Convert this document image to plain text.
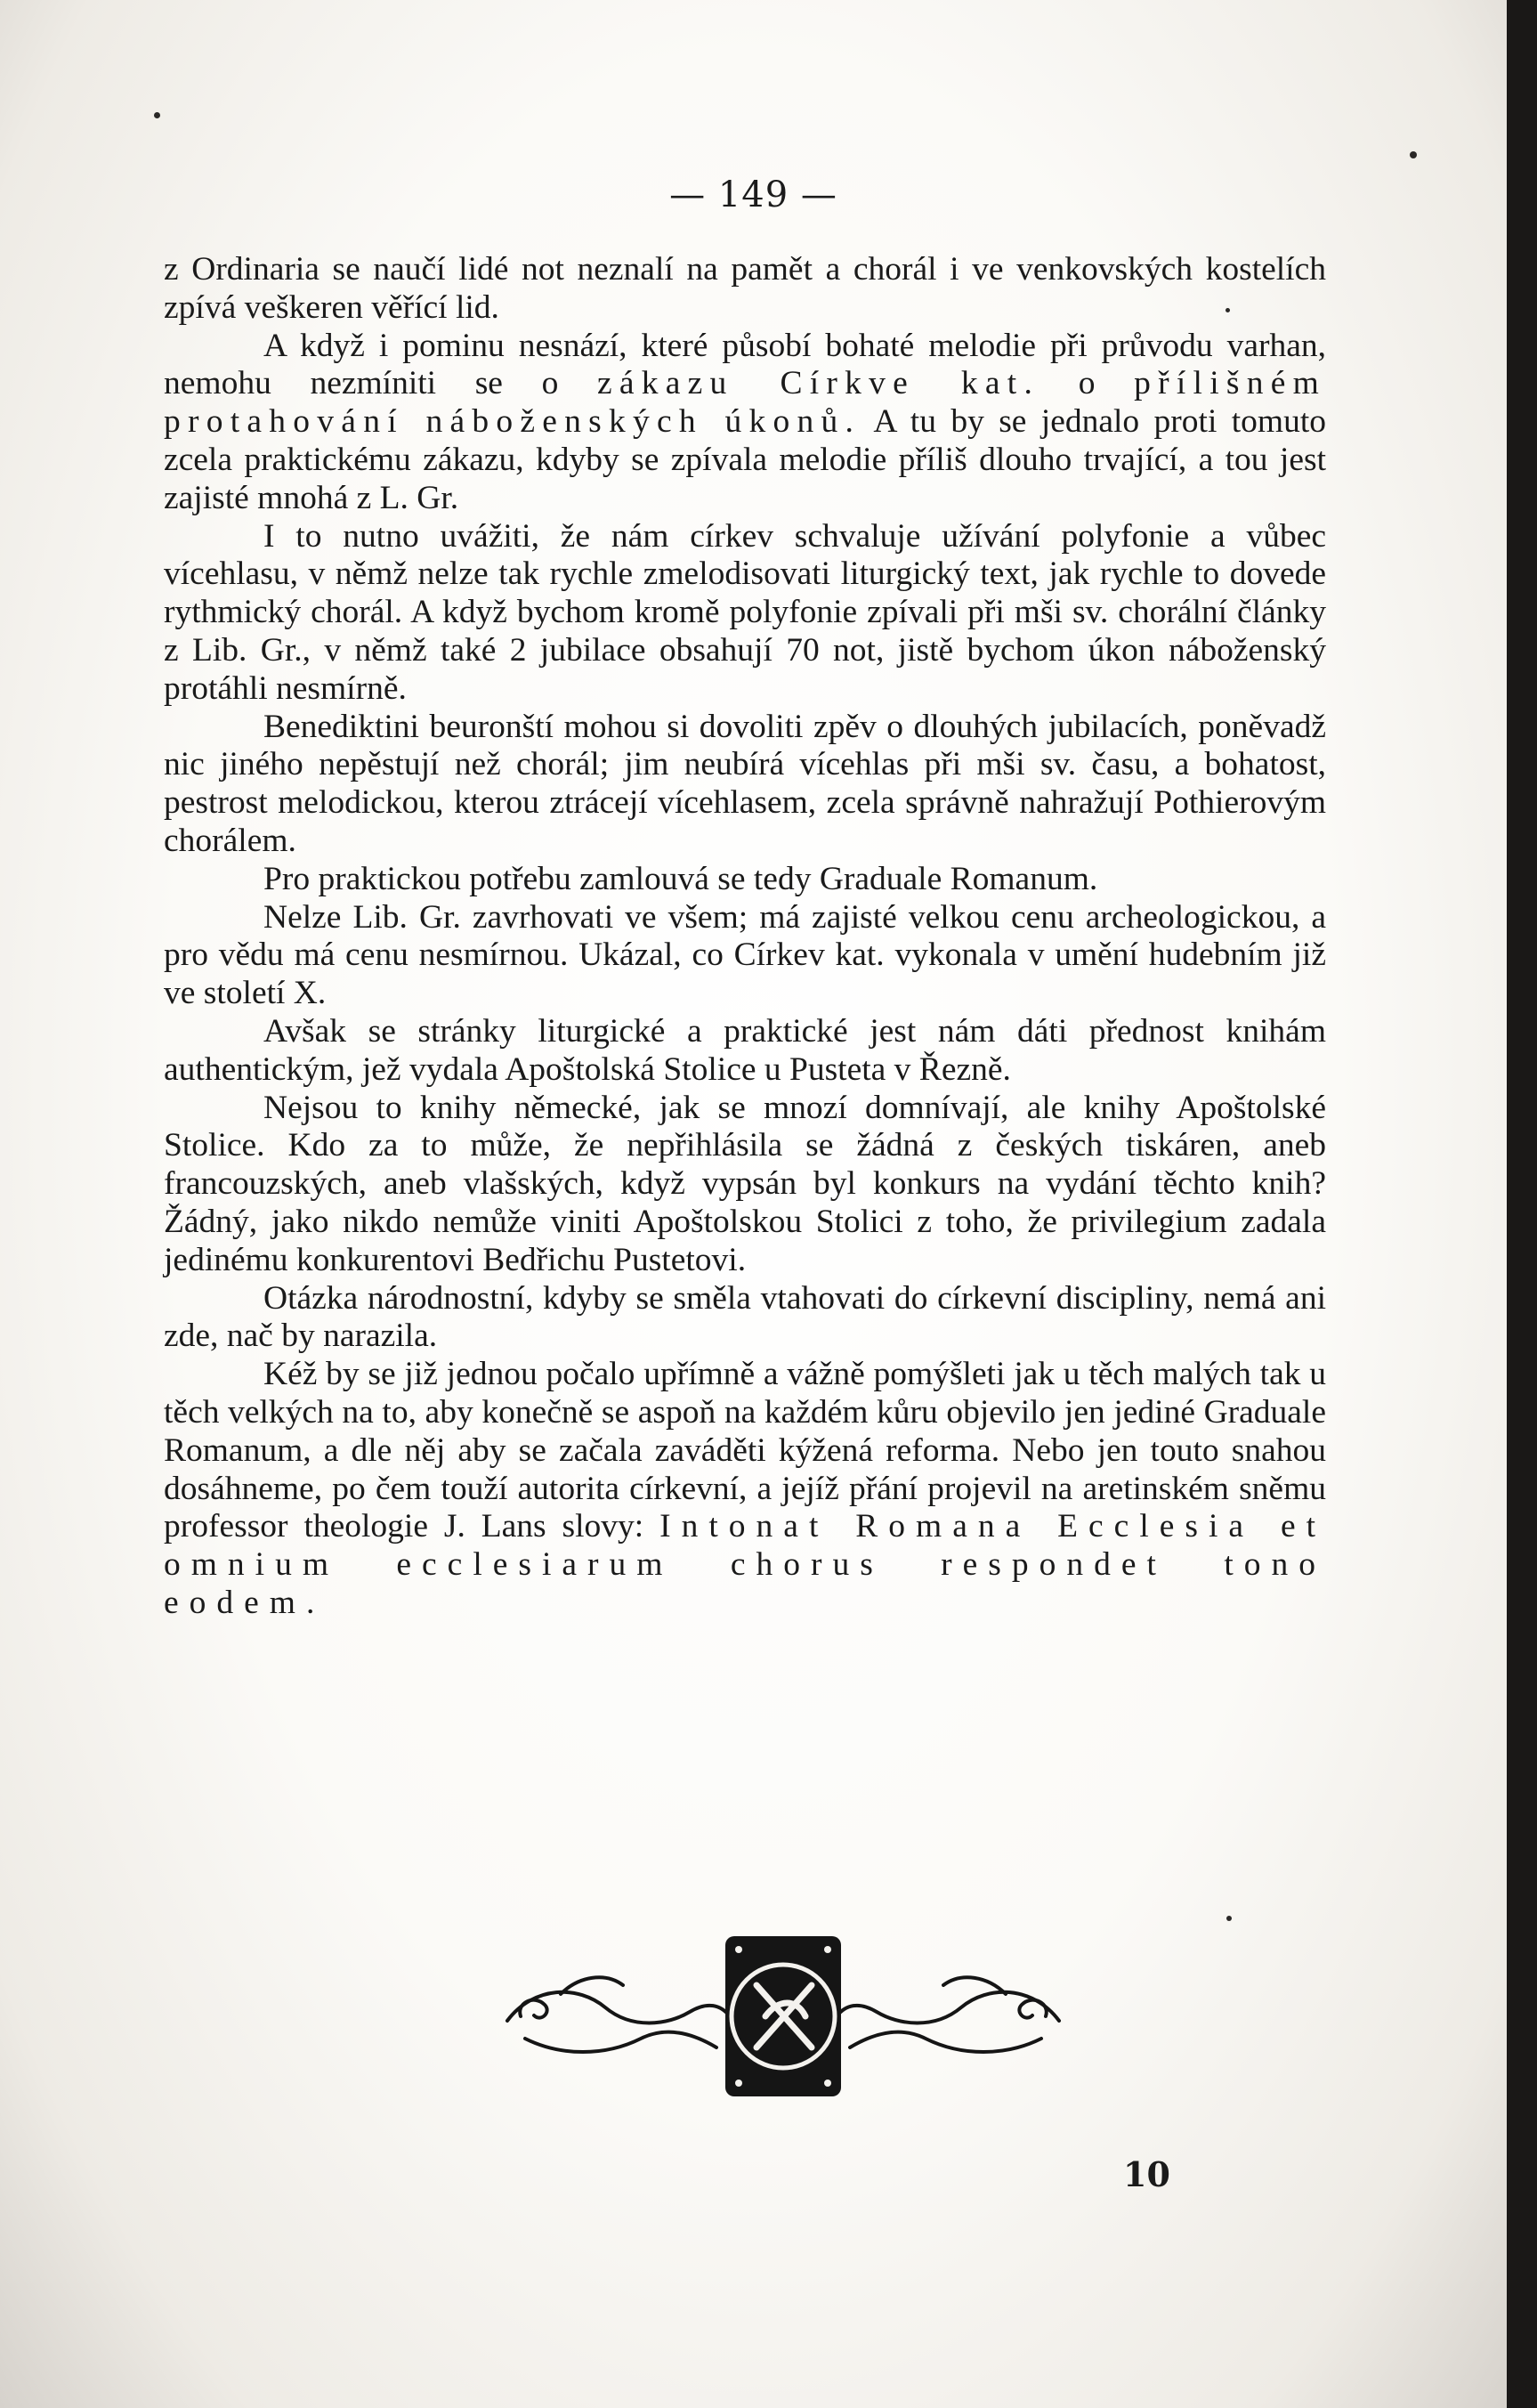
— 149 —

z Ordinaria se naučí lidé not neznalí na pamět a chorál i ve venkovských kostelích zpívá veškeren věřící lid.

A když i pominu nesnází, které působí bohaté melodie při průvodu varhan, nemohu nezmíniti se o zákazu Církve kat. o přílišném protahování náboženských úkonů. A tu by se jednalo proti tomuto zcela praktickému zákazu, kdyby se zpívala melodie příliš dlouho trvající, a tou jest zajisté mnohá z L. Gr.

I to nutno uvážiti, že nám církev schvaluje užívání polyfonie a vůbec vícehlasu, v němž nelze tak rychle zmelodisovati liturgický text, jak rychle to dovede rythmický chorál. A když bychom kromě polyfonie zpívali při mši sv. chorální články z Lib. Gr., v němž také 2 jubilace obsahují 70 not, jistě bychom úkon náboženský protáhli nesmírně.

Benediktini beuronští mohou si dovoliti zpěv o dlouhých jubilacích, poněvadž nic jiného nepěstují než chorál; jim neubírá vícehlas při mši sv. času, a bohatost, pestrost melodickou, kterou ztrácejí vícehlasem, zcela správně nahražují Pothierovým chorálem.

Pro praktickou potřebu zamlouvá se tedy Graduale Romanum.

Nelze Lib. Gr. zavrhovati ve všem; má zajisté velkou cenu archeologickou, a pro vědu má cenu nesmírnou. Ukázal, co Církev kat. vykonala v umění hudebním již ve století X.

Avšak se stránky liturgické a praktické jest nám dáti přednost knihám authentickým, jež vydala Apoštolská Stolice u Pusteta v Řezně.

Nejsou to knihy německé, jak se mnozí domnívají, ale knihy Apoštolské Stolice. Kdo za to může, že nepřihlásila se žádná z českých tiskáren, aneb francouzských, aneb vlašských, když vypsán byl konkurs na vydání těchto knih? Žádný, jako nikdo nemůže viniti Apoštolskou Stolici z toho, že privilegium zadala jedinému konkurentovi Bedřichu Pustetovi.

Otázka národnostní, kdyby se směla vtahovati do církevní discipliny, nemá ani zde, nač by narazila.

Kéž by se již jednou počalo upřímně a vážně pomýšleti jak u těch malých tak u těch velkých na to, aby konečně se aspoň na každém kůru objevilo jen jediné Graduale Romanum, a dle něj aby se začala zaváděti kýžená reforma. Nebo jen touto snahou dosáhneme, po čem touží autorita církevní, a jejíž přání projevil na aretinském sněmu professor theologie J. Lans slovy: Intonat Romana Ecclesia et omnium ecclesiarum chorus respondet tono eodem.

10
